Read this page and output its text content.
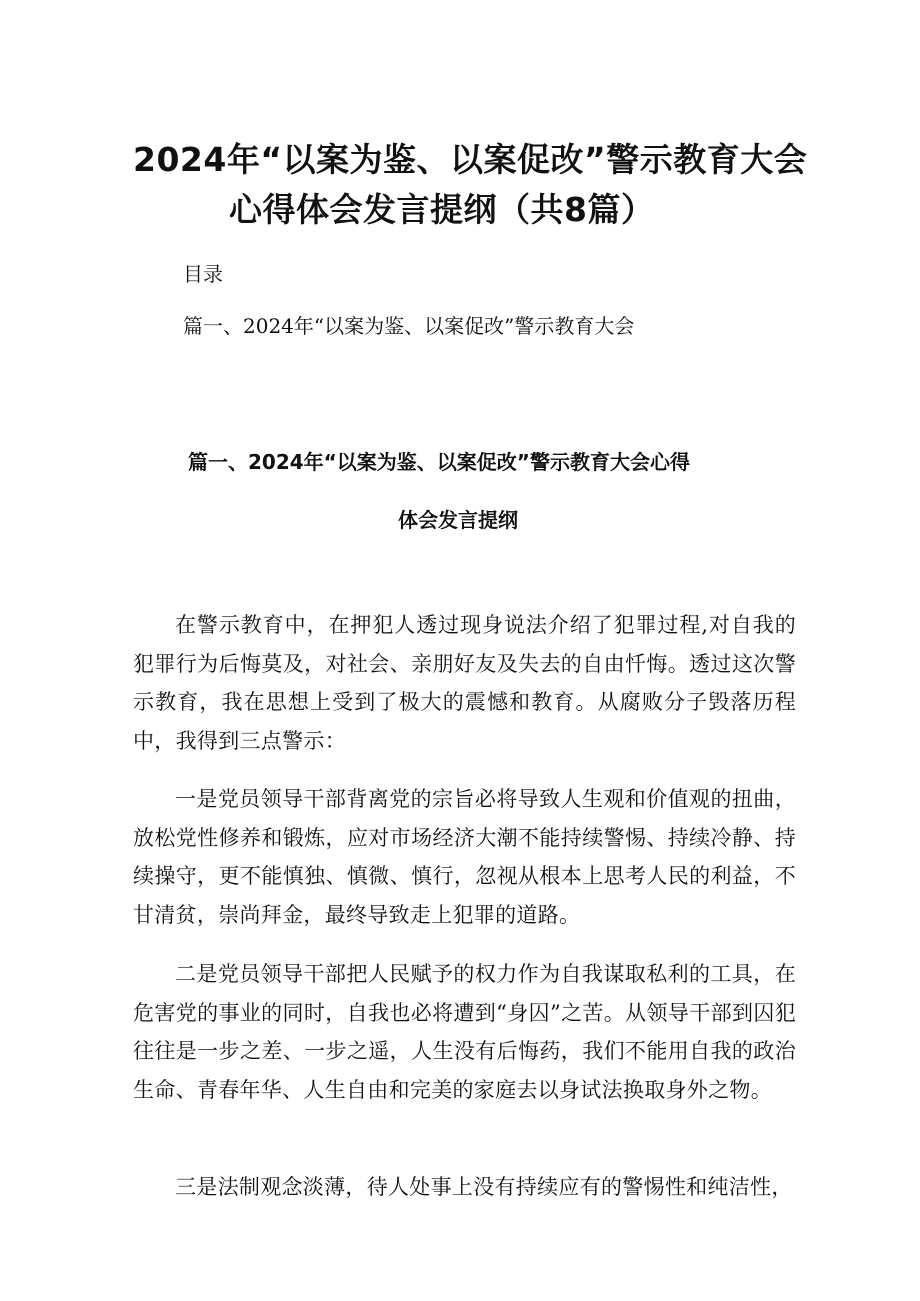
2024年“以案为鉴、以案促改”警示教育大会
心得体会发言提纲（共8篇）
目录
篇一、2024年“以案为鉴、以案促改”警示教育大会
篇一、2024年“以案为鉴、以案促改”警示教育大会心得
体会发言提纲

在警示教育中，在押犯人透过现身说法介绍了犯罪过程,对自我的犯罪行为后悔莫及，对社会、亲朋好友及失去的自由忏悔。透过这次警示教育，我在思想上受到了极大的震憾和教育。从腐败分子毁落历程中，我得到三点警示：

一是党员领导干部背离党的宗旨必将导致人生观和价值观的扭曲，放松党性修养和锻炼，应对市场经济大潮不能持续警惕、持续冷静、持续操守，更不能慎独、慎微、慎行，忽视从根本上思考人民的利益，不甘清贫，崇尚拜金，最终导致走上犯罪的道路。

二是党员领导干部把人民赋予的权力作为自我谋取私利的工具，在危害党的事业的同时，自我也必将遭到“身囚”之苦。从领导干部到囚犯往往是一步之差、一步之遥，人生没有后悔药，我们不能用自我的政治生命、青春年华、人生自由和完美的家庭去以身试法换取身外之物。

三是法制观念淡薄，待人处事上没有持续应有的警惕性和纯洁性，
